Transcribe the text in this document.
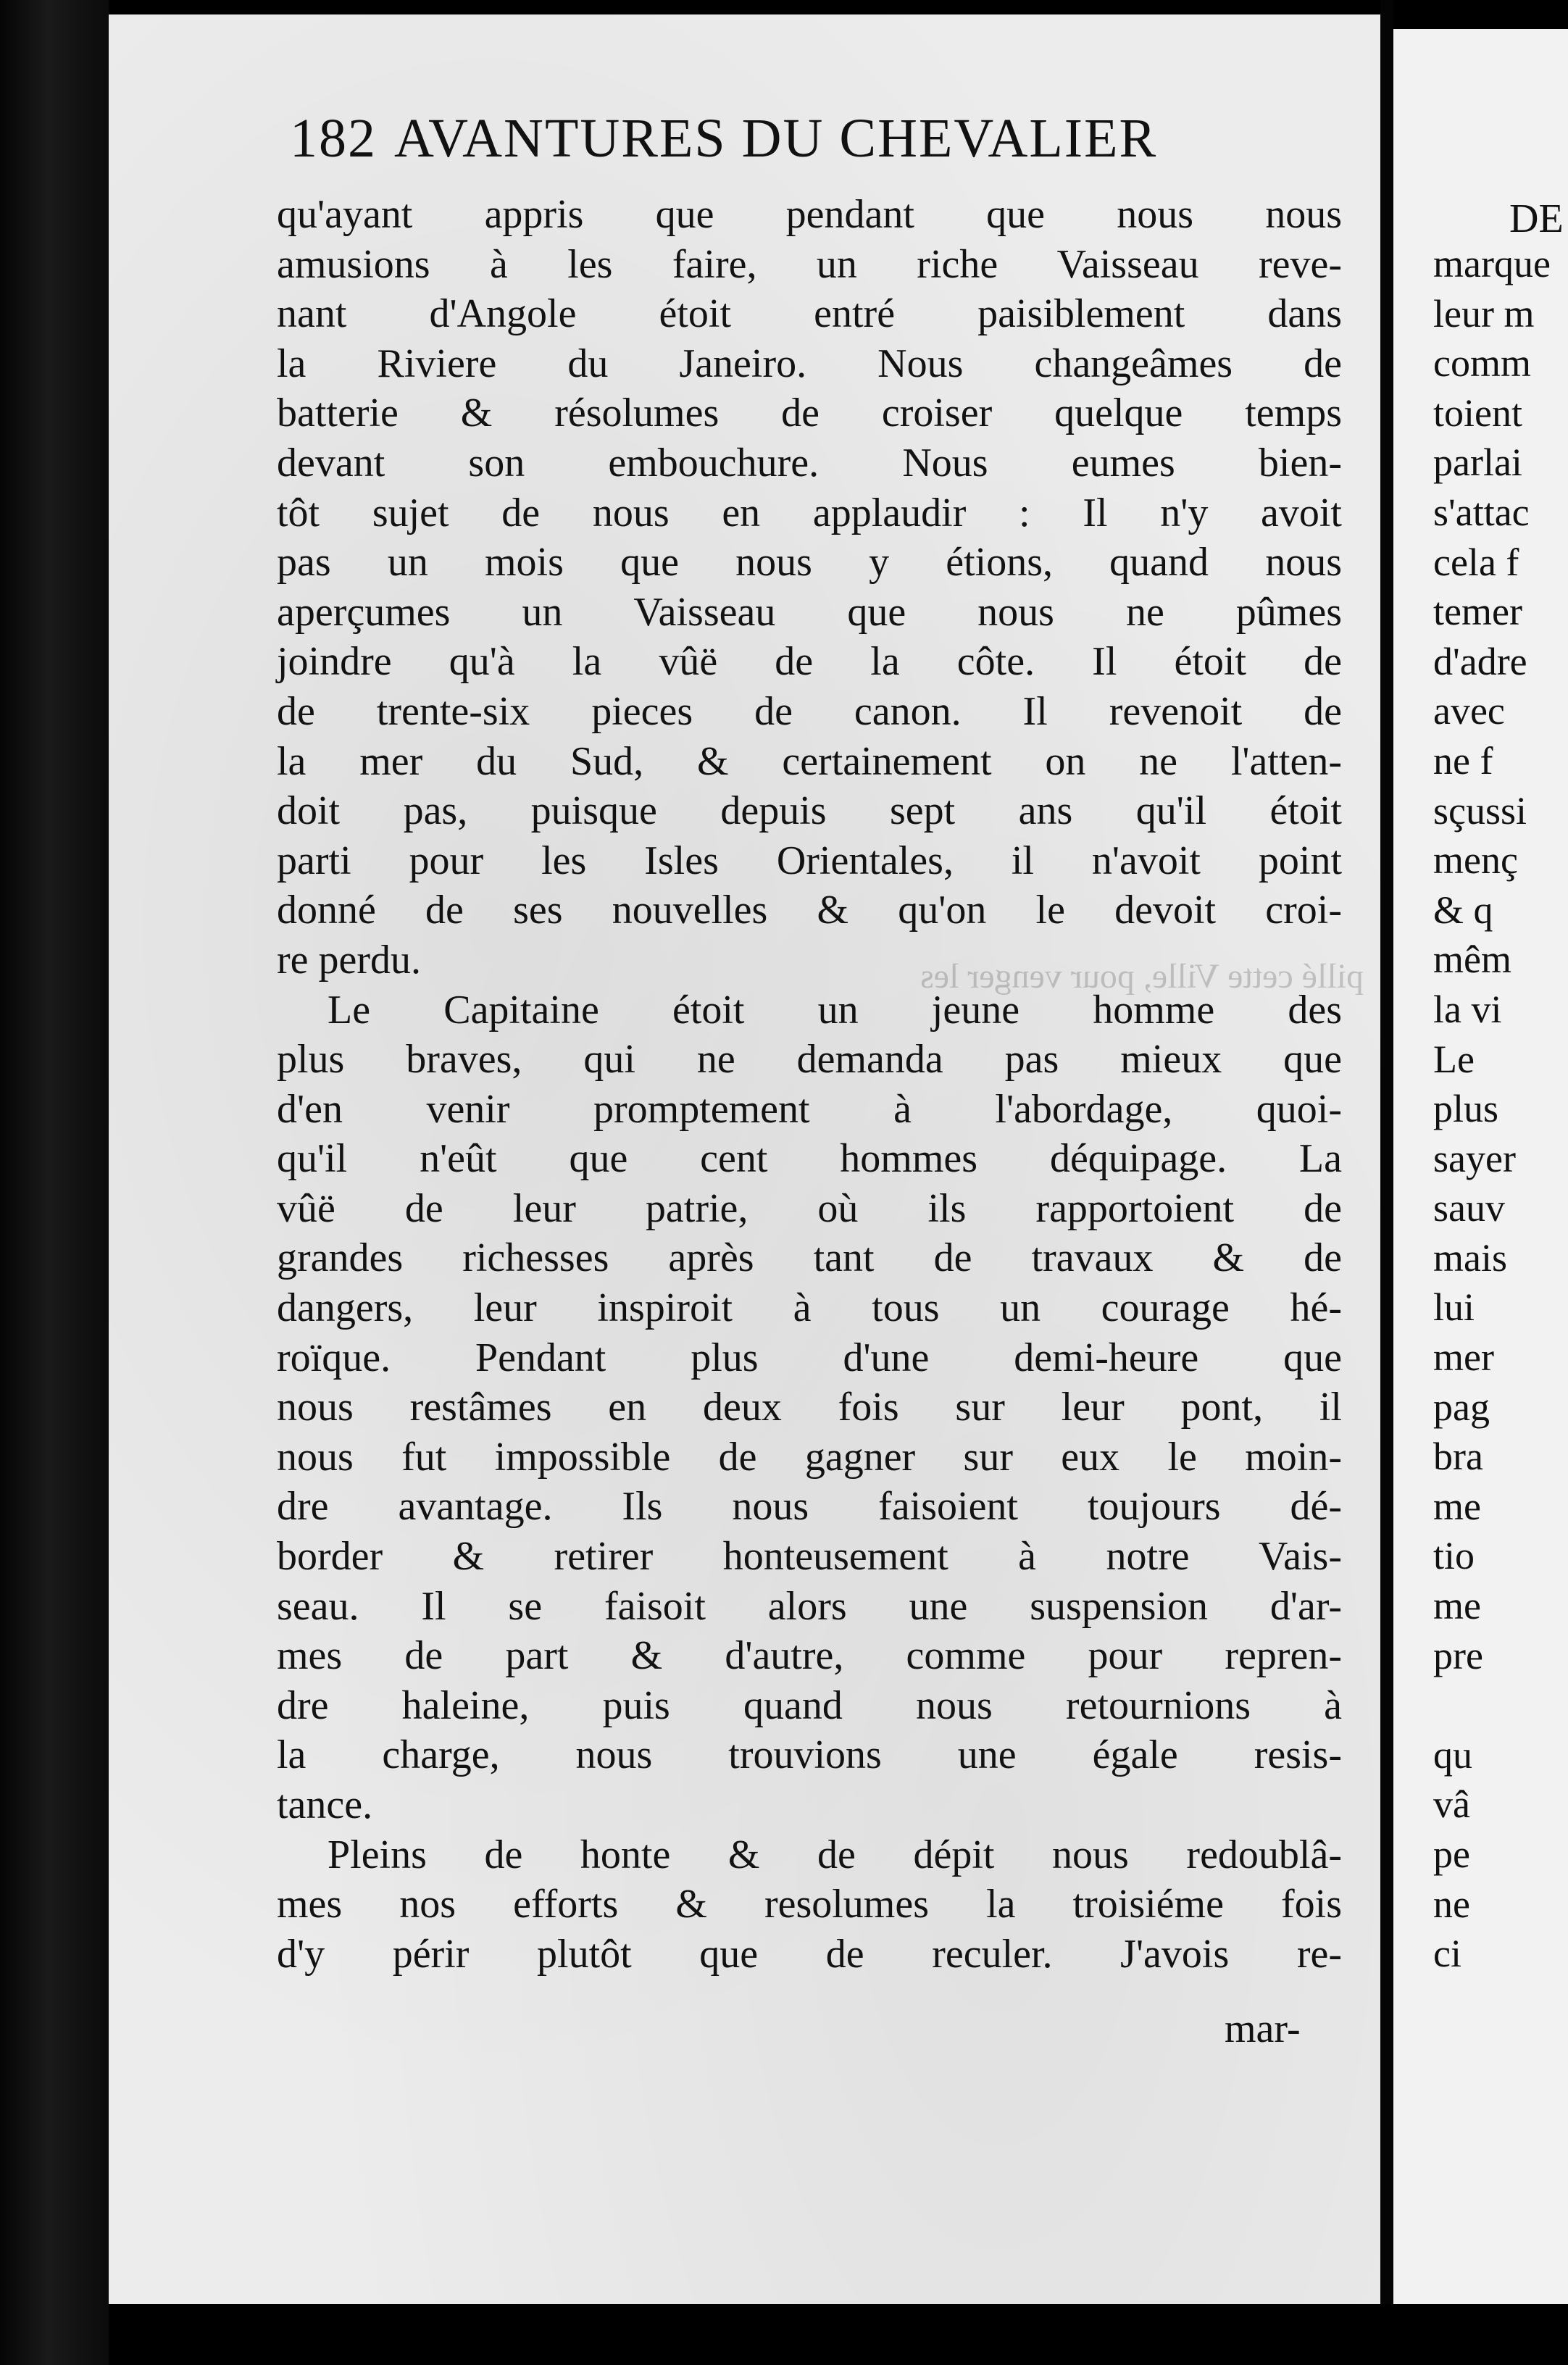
pillé cette Ville, pour venger les
182 AVANTURES DU CHEVALIER
qu'ayant appris que pendant que nous nous
amusions à les faire, un riche Vaisseau reve-
nant d'Angole étoit entré paisiblement dans
la Riviere du Janeiro. Nous changeâmes de
batterie & résolumes de croiser quelque temps
devant son embouchure. Nous eumes bien-
tôt sujet de nous en applaudir : Il n'y avoit
pas un mois que nous y étions, quand nous
aperçumes un Vaisseau que nous ne pûmes
joindre qu'à la vûë de la côte. Il étoit de
de trente-six pieces de canon. Il revenoit de
la mer du Sud, & certainement on ne l'atten-
doit pas, puisque depuis sept ans qu'il étoit
parti pour les Isles Orientales, il n'avoit point
donné de ses nouvelles & qu'on le devoit croi-
re perdu.
Le Capitaine étoit un jeune homme des
plus braves, qui ne demanda pas mieux que
d'en venir promptement à l'abordage, quoi-
qu'il n'eût que cent hommes déquipage. La
vûë de leur patrie, où ils rapportoient de
grandes richesses après tant de travaux & de
dangers, leur inspiroit à tous un courage hé-
roïque. Pendant plus d'une demi-heure que
nous restâmes en deux fois sur leur pont, il
nous fut impossible de gagner sur eux le moin-
dre avantage. Ils nous faisoient toujours dé-
border & retirer honteusement à notre Vais-
seau. Il se faisoit alors une suspension d'ar-
mes de part & d'autre, comme pour repren-
dre haleine, puis quand nous retournions à
la charge, nous trouvions une égale resis-
tance.
Pleins de honte & de dépit nous redoublâ-
mes nos efforts & resolumes la troisiéme fois
d'y périr plutôt que de reculer. J'avois re-
mar-
DE
marque
leur m
comm
toient
parlai
s'attac
cela f
temer
d'adre
avec
ne f
sçussi
menç
& q
mêm
la vi
Le
plus
sayer
sauv
mais
lui
mer
pag
bra
me
tio
me
pre
qu
vâ
pe
ne
ci
